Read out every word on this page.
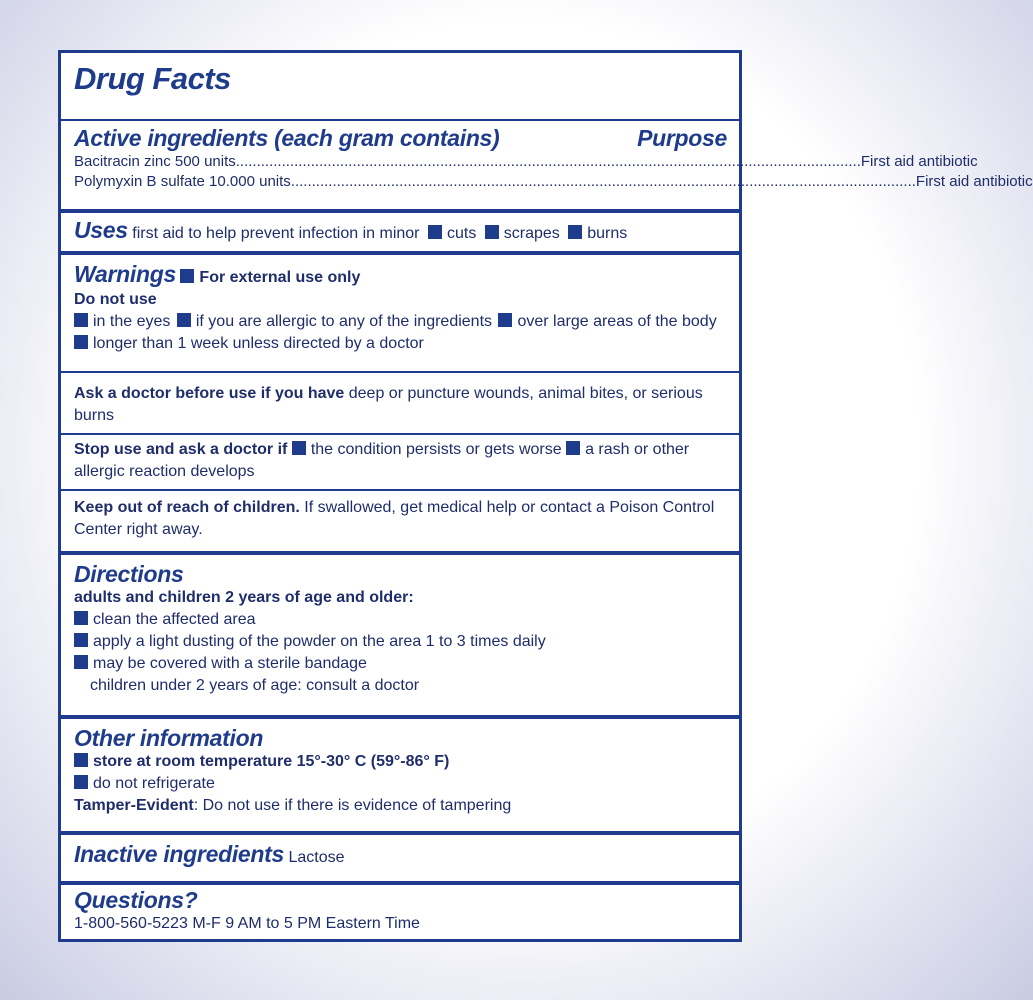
Drug Facts
Active ingredients (each gram contains)	Purpose
Bacitracin zinc 500 units ...................................................................................................................................................... First aid antibiotic
Polymyxin B sulfate 10.000 units ...................................................................................................................................................... First aid antibiotic
Uses first aid to help prevent infection in minor cuts scrapes burns
Warnings For external use only
Do not use
in the eyes if you are allergic to any of the ingredients over large areas of the body
longer than 1 week unless directed by a doctor
Ask a doctor before use if you have deep or puncture wounds, animal bites, or serious burns
Stop use and ask a doctor if the condition persists or gets worse a rash or other allergic reaction develops
Keep out of reach of children. If swallowed, get medical help or contact a Poison Control Center right away.
Directions
adults and children 2 years of age and older:
clean the affected area
apply a light dusting of the powder on the area 1 to 3 times daily
may be covered with a sterile bandage
children under 2 years of age: consult a doctor
Other information
store at room temperature 15°-30° C (59°-86° F)
do not refrigerate
Tamper-Evident: Do not use if there is evidence of tampering
Inactive ingredients Lactose
Questions?
1-800-560-5223 M-F 9 AM to 5 PM Eastern Time
